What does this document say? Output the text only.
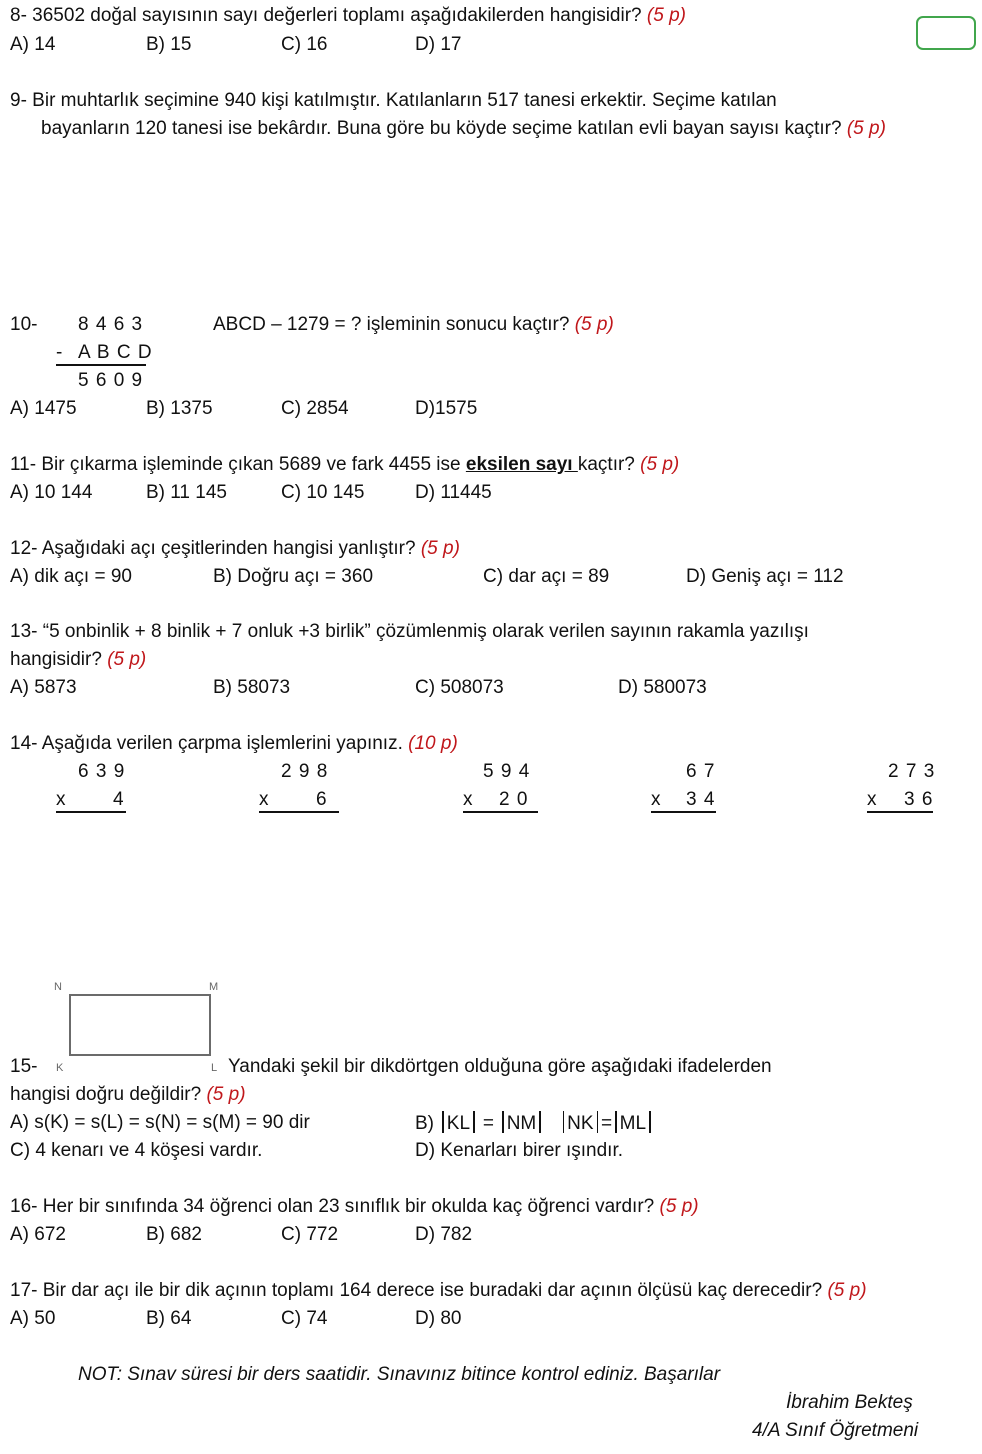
8- 36502 doğal sayısının sayı değerleri toplamı aşağıdakilerden hangisidir? (5 p)
A) 14	B) 15	C) 16	D) 17
9- Bir muhtarlık seçimine 940 kişi katılmıştır. Katılanların 517 tanesi erkektir. Seçime katılan
bayanların 120 tanesi ise bekârdır. Buna göre bu köyde seçime katılan evli bayan sayısı kaçtır? (5 p)
10- 8 4 6 3
- A B C D
5 6 0 9
ABCD – 1279 = ? işleminin sonucu kaçtır? (5 p)
A) 1475	B) 1375	C) 2854	D)1575
11- Bir çıkarma işleminde çıkan 5689 ve fark 4455 ise eksilen sayı kaçtır? (5 p)
A) 10 144	B) 11 145	C) 10 145	D) 11445
12- Aşağıdaki açı çeşitlerinden hangisi yanlıştır? (5 p)
A) dik açı = 90	B) Doğru açı = 360	C) dar açı = 89	D) Geniş açı = 112
13- “5 onbinlik + 8 binlik + 7 onluk +3 birlik” çözümlenmiş olarak verilen sayının rakamla yazılışı
hangisidir? (5 p)
A) 5873	B) 58073	C) 508073	D) 580073
14- Aşağıda verilen çarpma işlemlerini yapınız. (10 p)
6 3 9
x 4
2 9 8
x 6
5 9 4
x 2 0
6 7
x 3 4
2 7 3
x 3 6
N	M
K	L
15-	Yandaki şekil bir dikdörtgen olduğuna göre aşağıdaki ifadelerden
hangisi doğru değildir? (5 p)
A) s(K) = s(L) = s(N) = s(M) = 90 dir	B) KL = NM NK = ML
C) 4 kenarı ve 4 köşesi vardır.	D) Kenarları birer ışındır.
16- Her bir sınıfında 34 öğrenci olan 23 sınıflık bir okulda kaç öğrenci vardır? (5 p)
A) 672	B) 682	C) 772	D) 782
17- Bir dar açı ile bir dik açının toplamı 164 derece ise buradaki dar açının ölçüsü kaç derecedir? (5 p)
A) 50	B) 64	C) 74	D) 80
NOT: Sınav süresi bir ders saatidir. Sınavınız bitince kontrol ediniz. Başarılar
İbrahim Bekteş
4/A Sınıf Öğretmeni
